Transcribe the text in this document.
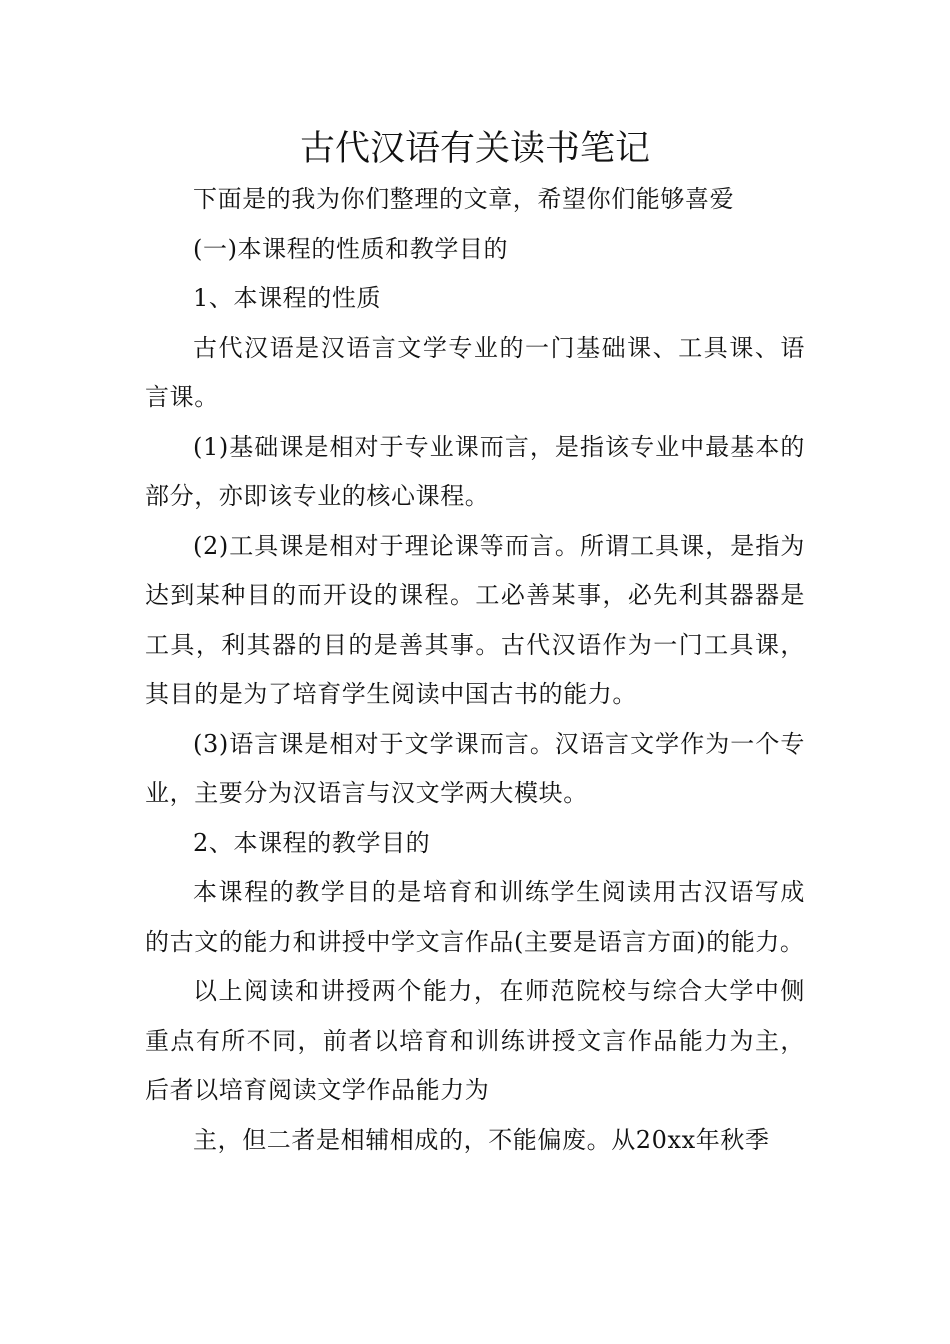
古代汉语有关读书笔记

下面是的我为你们整理的文章，希望你们能够喜爱

(一)本课程的性质和教学目的

1、本课程的性质

古代汉语是汉语言文学专业的一门基础课、工具课、语言课。

(1)基础课是相对于专业课而言，是指该专业中最基本的部分，亦即该专业的核心课程。

(2)工具课是相对于理论课等而言。所谓工具课，是指为达到某种目的而开设的课程。工必善某事，必先利其器器是工具，利其器的目的是善其事。古代汉语作为一门工具课，其目的是为了培育学生阅读中国古书的能力。

(3)语言课是相对于文学课而言。汉语言文学作为一个专业，主要分为汉语言与汉文学两大模块。

2、本课程的教学目的

本课程的教学目的是培育和训练学生阅读用古汉语写成的古文的能力和讲授中学文言作品(主要是语言方面)的能力。

以上阅读和讲授两个能力，在师范院校与综合大学中侧重点有所不同，前者以培育和训练讲授文言作品能力为主，后者以培育阅读文学作品能力为

主，但二者是相辅相成的，不能偏废。从20xx年秋季
